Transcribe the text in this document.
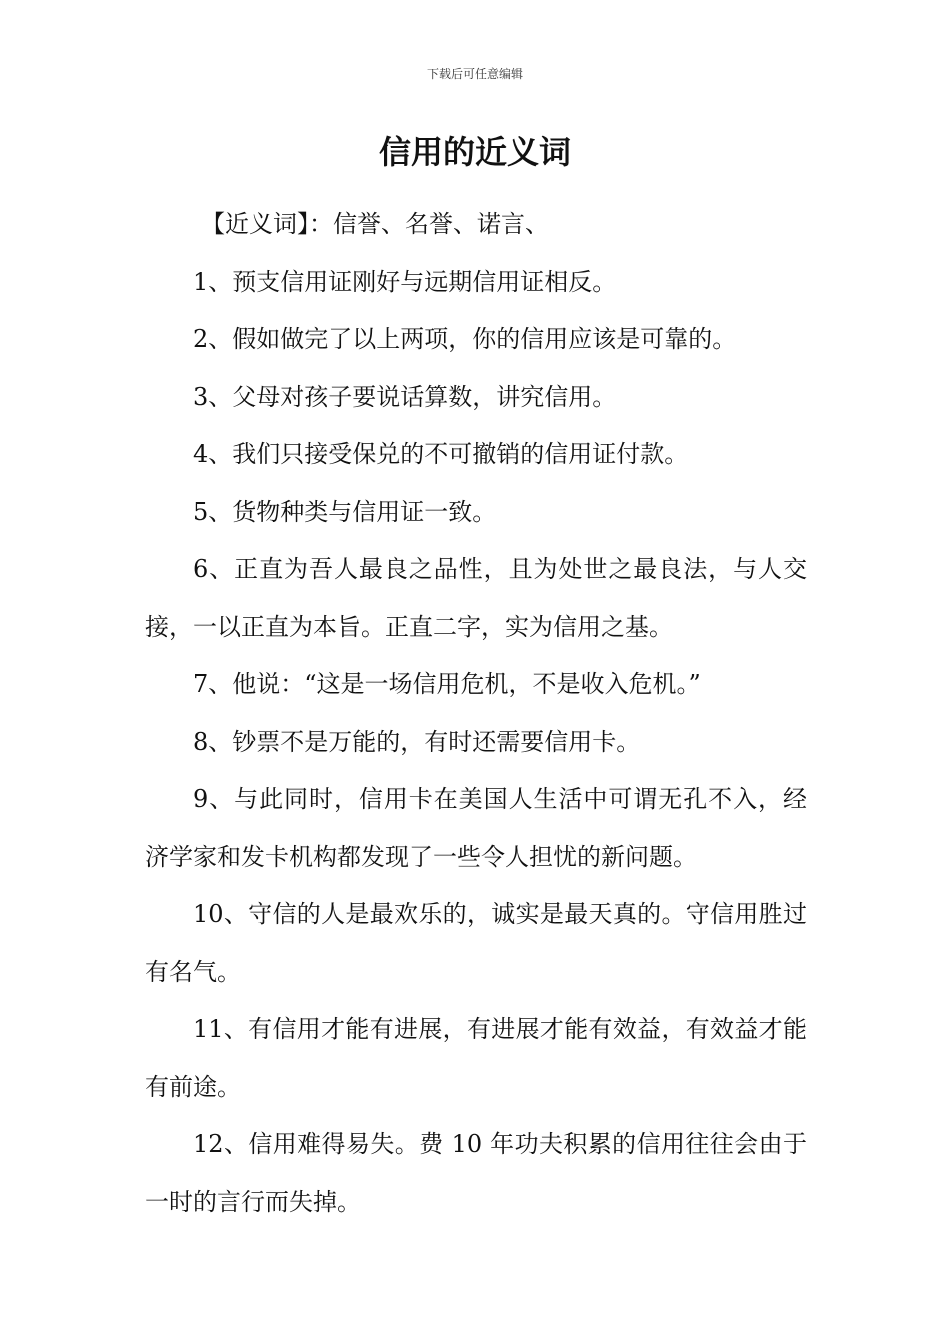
下载后可任意编辑
信用的近义词

【近义词】：信誉、名誉、诺言、

1、预支信用证刚好与远期信用证相反。

2、假如做完了以上两项，你的信用应该是可靠的。

3、父母对孩子要说话算数，讲究信用。

4、我们只接受保兑的不可撤销的信用证付款。

5、货物种类与信用证一致。

6、正直为吾人最良之品性，且为处世之最良法，与人交接，一以正直为本旨。正直二字，实为信用之基。

7、他说：“这是一场信用危机，不是收入危机。”

8、钞票不是万能的，有时还需要信用卡。

9、与此同时，信用卡在美国人生活中可谓无孔不入，经济学家和发卡机构都发现了一些令人担忧的新问题。

10、守信的人是最欢乐的，诚实是最天真的。守信用胜过有名气。

11、有信用才能有进展，有进展才能有效益，有效益才能有前途。

12、信用难得易失。费 10 年功夫积累的信用往往会由于一时的言行而失掉。
